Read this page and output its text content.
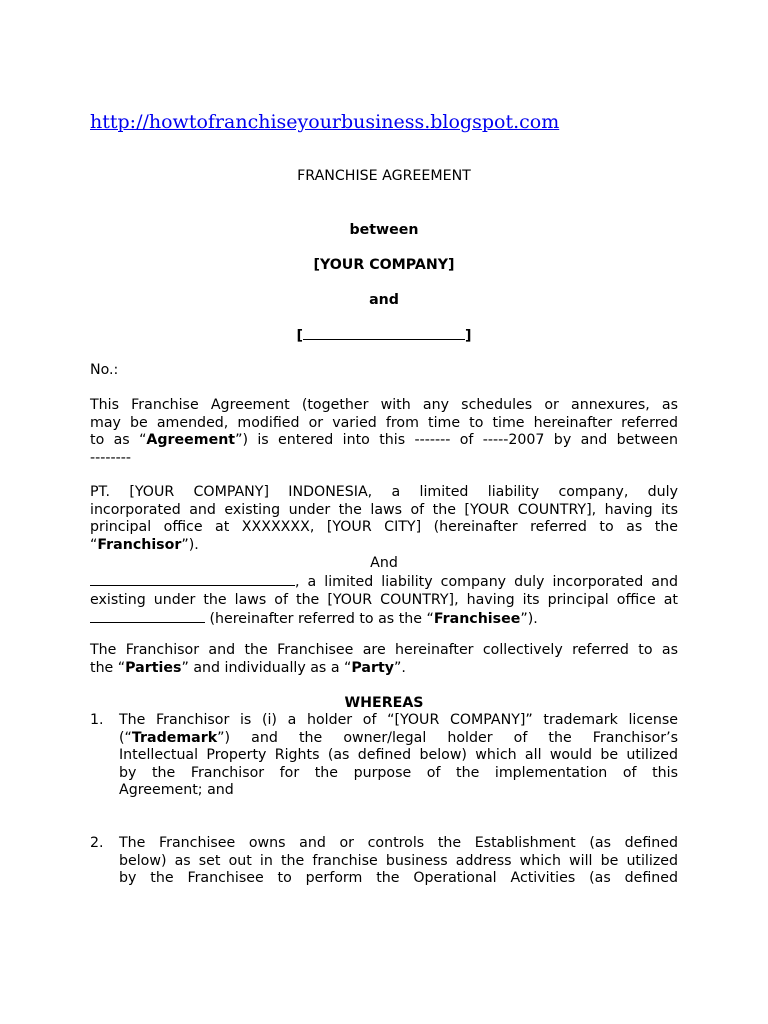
http://howtofranchiseyourbusiness.blogspot.com
FRANCHISE AGREEMENT
between
[YOUR COMPANY]
and
[	]
No.:
This Franchise Agreement (together with any schedules or annexures, as
may be amended, modified or varied from time to time hereinafter referred
to as “Agreement”) is entered into this ------- of -----2007 by and between
--------
PT. [YOUR COMPANY] INDONESIA, a limited liability company, duly
incorporated and existing under the laws of the [YOUR COUNTRY], having its
principal office at XXXXXXX, [YOUR CITY] (hereinafter referred to as the
“Franchisor”).
And
, a limited liability company duly incorporated and
existing under the laws of the [YOUR COUNTRY], having its principal office at
(hereinafter referred to as the “Franchisee”).
The Franchisor and the Franchisee are hereinafter collectively referred to as
the “Parties” and individually as a “Party”.
WHEREAS
1. The Franchisor is (i) a holder of “[YOUR COMPANY]” trademark license
(“Trademark”) and the owner/legal holder of the Franchisor’s
Intellectual Property Rights (as defined below) which all would be utilized
by the Franchisor for the purpose of the implementation of this
Agreement; and
2. The Franchisee owns and or controls the Establishment (as defined
below) as set out in the franchise business address which will be utilized
by the Franchisee to perform the Operational Activities (as defined
